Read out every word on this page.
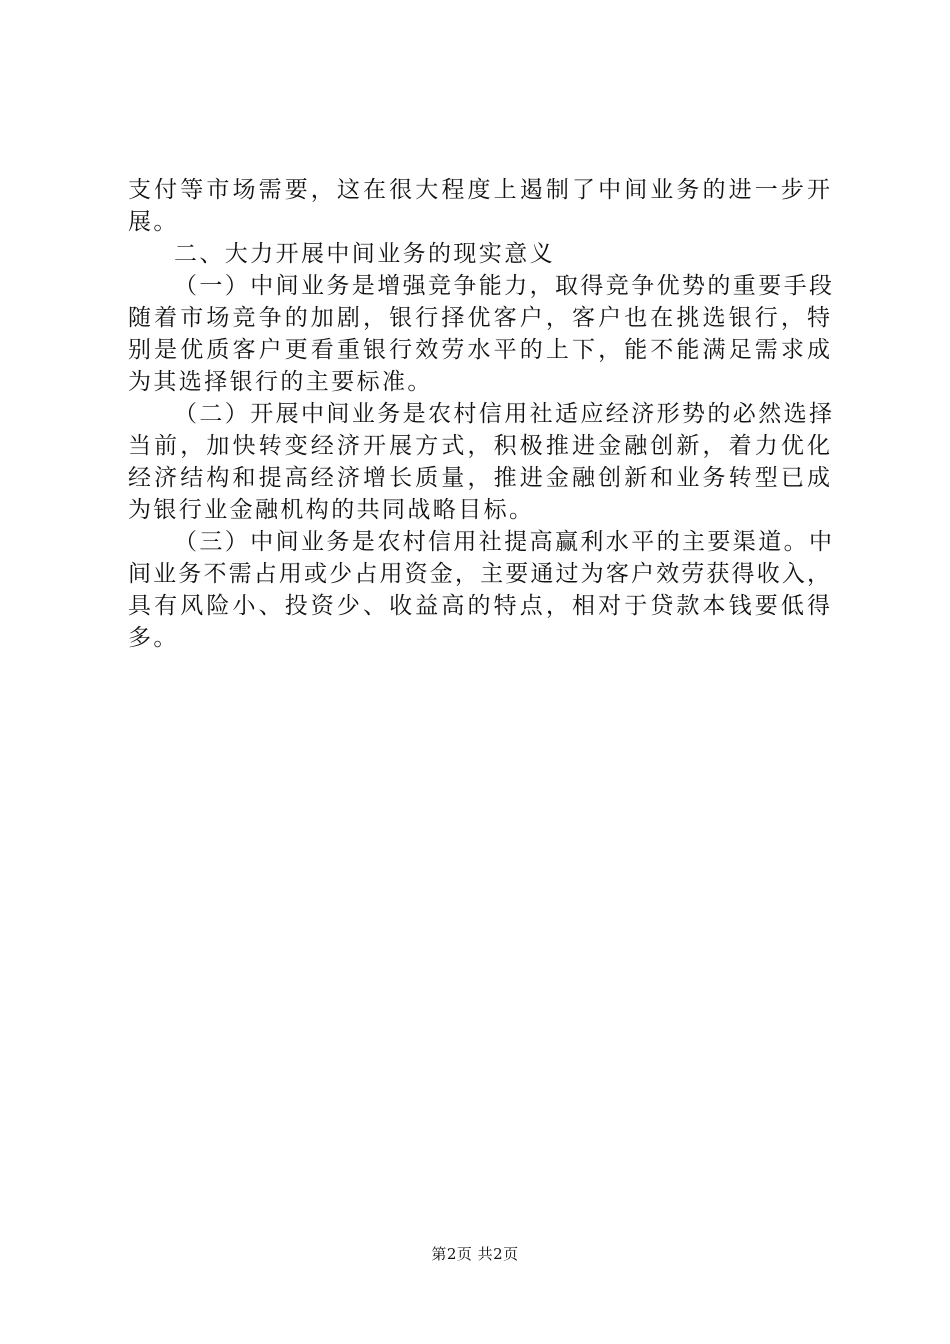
支付等市场需要，这在很大程度上遏制了中间业务的进一步开
展。
二、大力开展中间业务的现实意义
（一）中间业务是增强竞争能力，取得竞争优势的重要手段
随着市场竞争的加剧，银行择优客户，客户也在挑选银行，特
别是优质客户更看重银行效劳水平的上下，能不能满足需求成
为其选择银行的主要标准。
（二）开展中间业务是农村信用社适应经济形势的必然选择
当前，加快转变经济开展方式，积极推进金融创新，着力优化
经济结构和提高经济增长质量，推进金融创新和业务转型已成
为银行业金融机构的共同战略目标。
（三）中间业务是农村信用社提高赢利水平的主要渠道。中
间业务不需占用或少占用资金，主要通过为客户效劳获得收入，
具有风险小、投资少、收益高的特点，相对于贷款本钱要低得
多。
第2页 共2页
